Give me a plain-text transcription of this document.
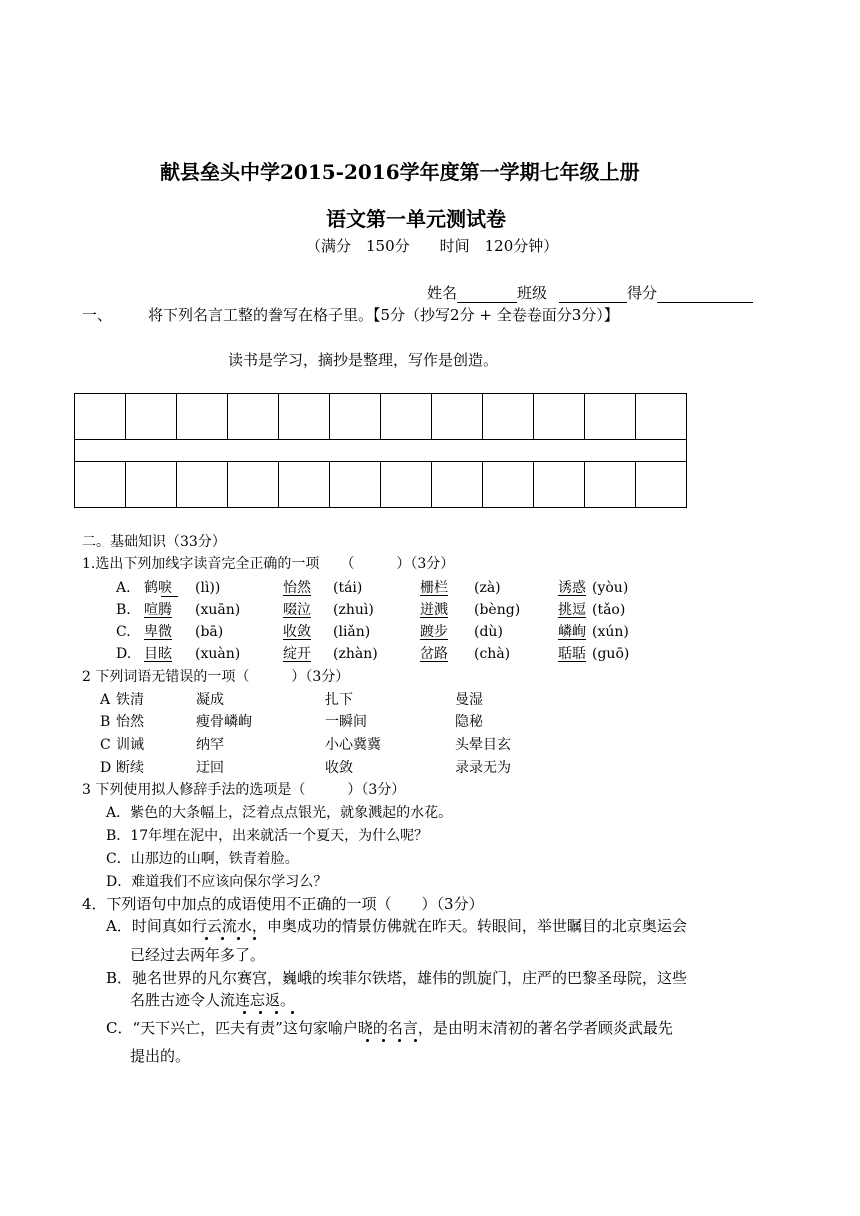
献县垒头中学2015-2016学年度第一学期七年级上册
语文第一单元测试卷
（满分　150分　　时间　120分钟）
姓名	班级	得分
一、 将下列名言工整的誊写在格子里。【5分（抄写2分 + 全卷卷面分3分）】
读书是学习，摘抄是整理，写作是创造。

二。基础知识（33分）
1.选出下列加线字读音完全正确的一项　　（　　　）（3分）
A. 鹤唳 (lì))	怡然 (tái)	栅栏 (zà)	诱惑 (yòu)
B. 喧腾 (xuān)	啜泣 (zhuì)	迸溅 (bèng)	挑逗 (tǎo)
C. 卑微 (bā)	收敛 (liǎn)	踱步 (dù)	嶙峋 (xún)
D. 目眩 (xuàn)	绽开 (zhàn)	岔路 (chà)	聒聒 (guō)
2 下列词语无错误的一项（　　　）（3分）
A 铁清	凝成	扎下	曼湿
B 怡然	瘦骨嶙峋	一瞬间	隐秘
C 训诫	纳罕	小心冀冀	头晕目玄
D 断续	迂回	收敛	录录无为
3 下列使用拟人修辞手法的选项是（　　　）（3分）
A．紫色的大条幅上，泛着点点银光，就象溅起的水花。
B．17年埋在泥中，出来就活一个夏天，为什么呢？
C．山那边的山啊，铁青着脸。
D．难道我们不应该向保尔学习么？
4．下列语句中加点的成语使用不正确的一项（　　）（3分）
A．时间真如行云流水，申奥成功的情景仿佛就在昨天。转眼间，举世瞩目的北京奥运会
已经过去两年多了。
B．驰名世界的凡尔赛宫，巍峨的埃菲尔铁塔，雄伟的凯旋门，庄严的巴黎圣母院，这些
名胜古迹令人流连忘返。
C．“天下兴亡，匹夫有责”这句家喻户晓的名言，是由明末清初的著名学者顾炎武最先
提出的。
